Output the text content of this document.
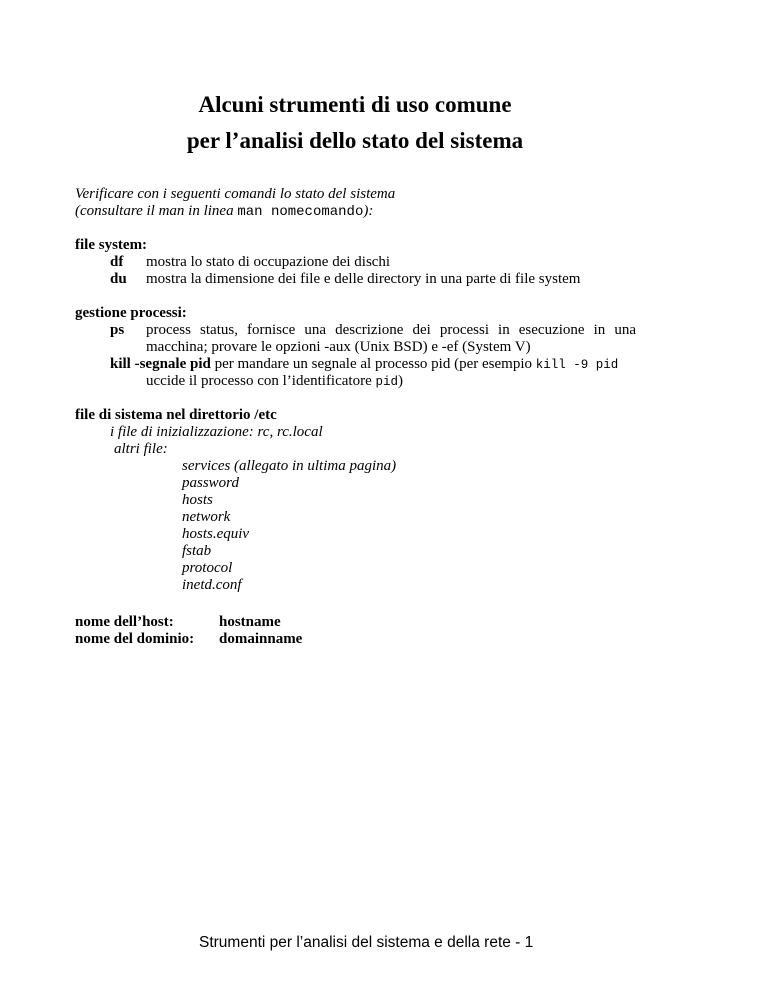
Alcuni strumenti di uso comune
per l’analisi dello stato del sistema
Verificare con i seguenti comandi lo stato del sistema
(consultare il man in linea man nomecomando):
file system:
df mostra lo stato di occupazione dei dischi
du mostra la dimensione dei file e delle directory in una parte di file system
gestione processi:
ps process status, fornisce una descrizione dei processi in esecuzione in una
macchina; provare le opzioni -aux (Unix BSD) e -ef (System V)
kill -segnale pid per mandare un segnale al processo pid (per esempio kill -9 pid
uccide il processo con l’identificatore pid)
file di sistema nel direttorio /etc
i file di inizializzazione: rc, rc.local
altri file:
services (allegato in ultima pagina)
password
hosts
network
hosts.equiv
fstab
protocol
inetd.conf
nome dell’host:	hostname
nome del dominio: domainname
Strumenti per l’analisi del sistema e della rete - 1
